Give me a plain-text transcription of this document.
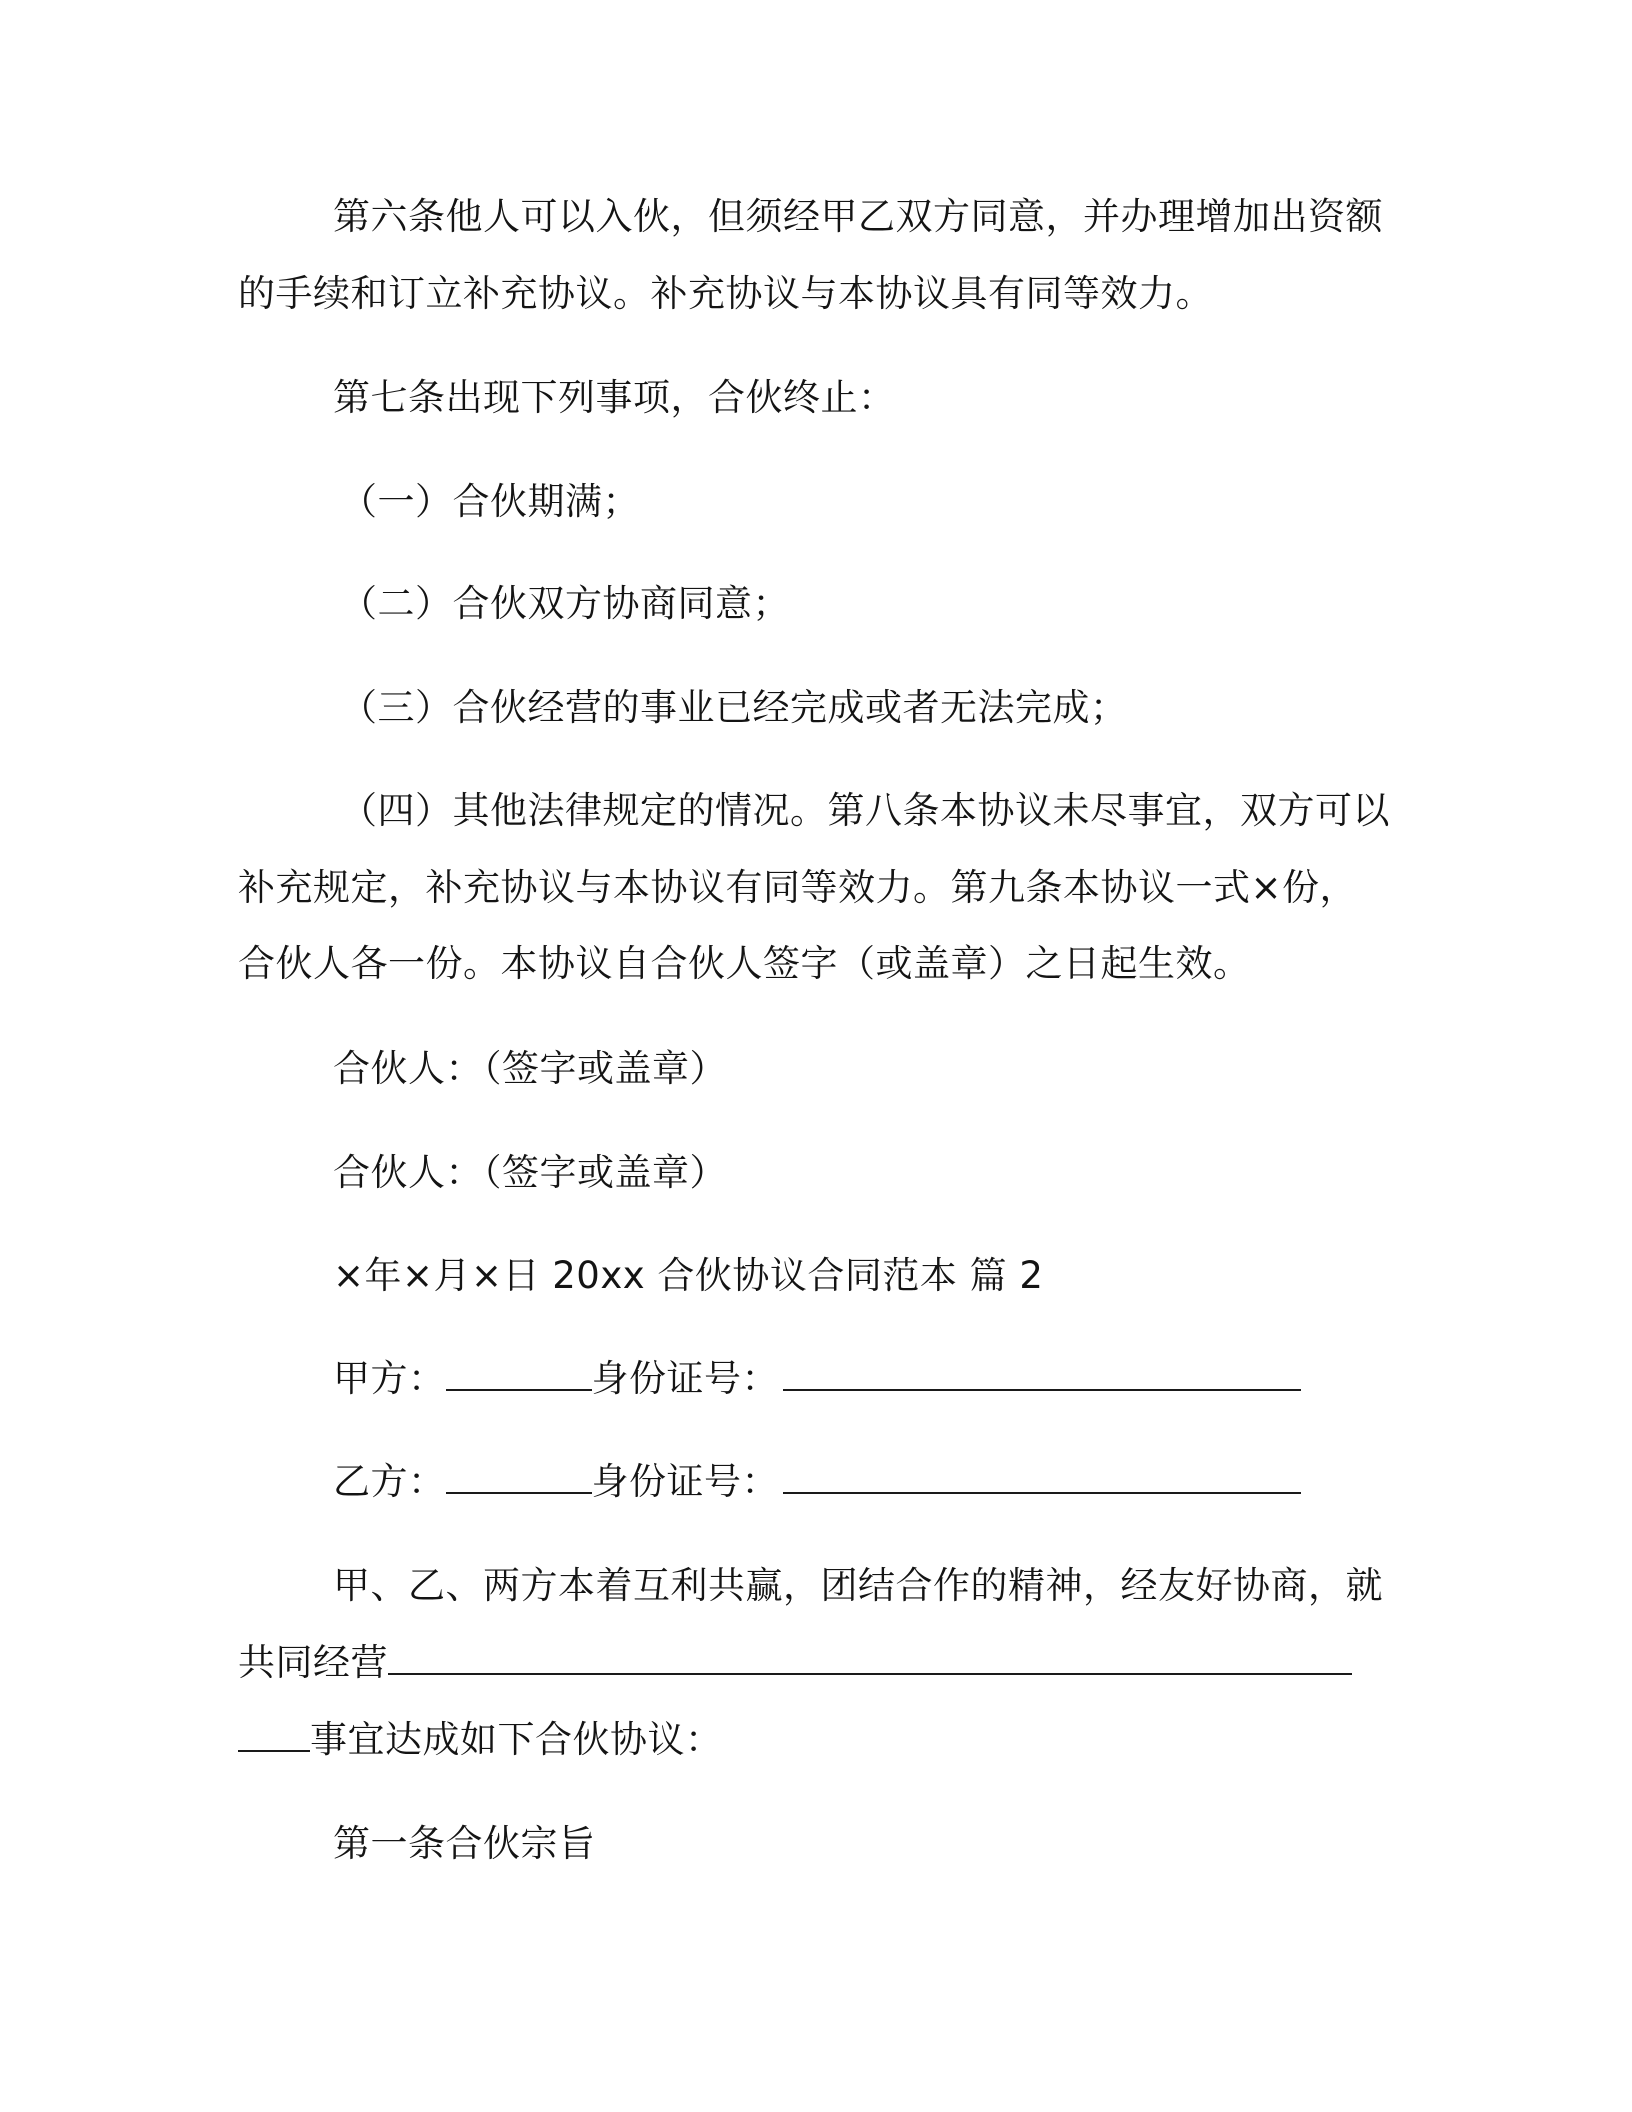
第六条他人可以入伙，但须经甲乙双方同意，并办理增加出资额
的手续和订立补充协议。补充协议与本协议具有同等效力。
第七条出现下列事项，合伙终止：
（一）合伙期满；
（二）合伙双方协商同意；
（三）合伙经营的事业已经完成或者无法完成；
（四）其他法律规定的情况。第八条本协议未尽事宜，双方可以
补充规定，补充协议与本协议有同等效力。第九条本协议一式×份，
合伙人各一份。本协议自合伙人签字（或盖章）之日起生效。
合伙人：（签字或盖章）
合伙人：（签字或盖章）
×年×月×日 20xx 合伙协议合同范本 篇 2
甲方：	身份证号：
乙方：	身份证号：
甲、乙、两方本着互利共赢，团结合作的精神，经友好协商，就
共同经营
事宜达成如下合伙协议：
第一条合伙宗旨
